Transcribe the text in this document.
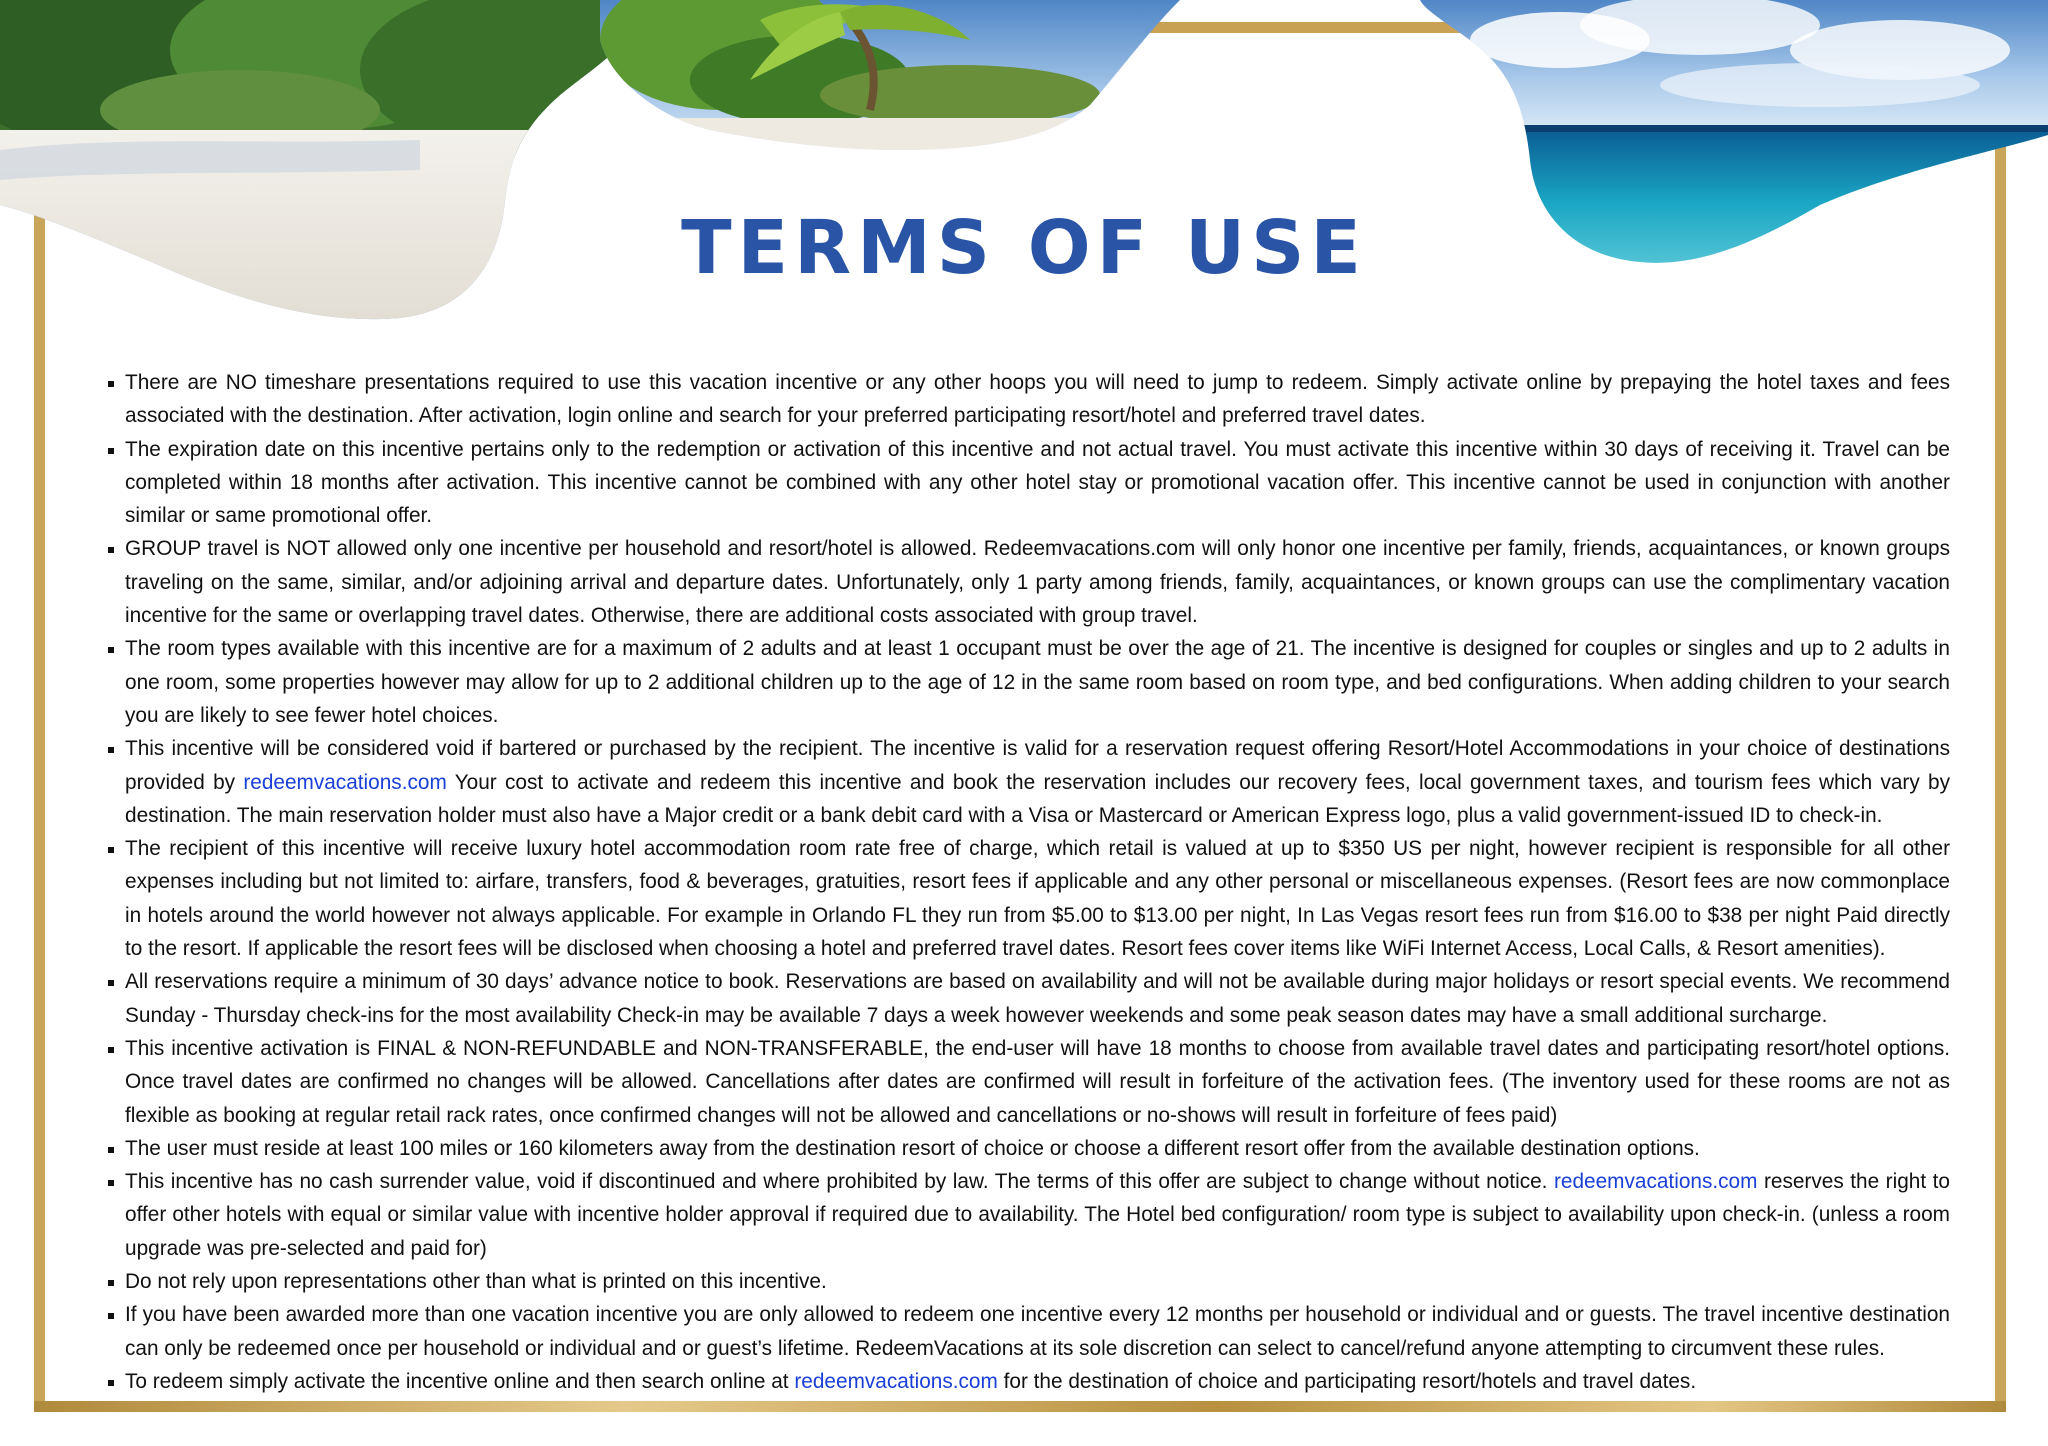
TERMS OF USE
There are NO timeshare presentations required to use this vacation incentive or any other hoops you will need to jump to redeem. Simply activate online by prepaying the hotel taxes and fees associated with the destination. After activation, login online and search for your preferred participating resort/hotel and preferred travel dates.
The expiration date on this incentive pertains only to the redemption or activation of this incentive and not actual travel. You must activate this incentive within 30 days of receiving it. Travel can be completed within 18 months after activation. This incentive cannot be combined with any other hotel stay or promotional vacation offer. This incentive cannot be used in conjunction with another similar or same promotional offer.
GROUP travel is NOT allowed only one incentive per household and resort/hotel is allowed. Redeemvacations.com will only honor one incentive per family, friends, acquaintances, or known groups traveling on the same, similar, and/or adjoining arrival and departure dates. Unfortunately, only 1 party among friends, family, acquaintances, or known groups can use the complimentary vacation incentive for the same or overlapping travel dates. Otherwise, there are additional costs associated with group travel.
The room types available with this incentive are for a maximum of 2 adults and at least 1 occupant must be over the age of 21. The incentive is designed for couples or singles and up to 2 adults in one room, some properties however may allow for up to 2 additional children up to the age of 12 in the same room based on room type, and bed configurations. When adding children to your search you are likely to see fewer hotel choices.
This incentive will be considered void if bartered or purchased by the recipient. The incentive is valid for a reservation request offering Resort/Hotel Accommodations in your choice of destinations provided by redeemvacations.com Your cost to activate and redeem this incentive and book the reservation includes our recovery fees, local government taxes, and tourism fees which vary by destination. The main reservation holder must also have a Major credit or a bank debit card with a Visa or Mastercard or American Express logo, plus a valid government-issued ID to check-in.
The recipient of this incentive will receive luxury hotel accommodation room rate free of charge, which retail is valued at up to $350 US per night, however recipient is responsible for all other expenses including but not limited to: airfare, transfers, food & beverages, gratuities, resort fees if applicable and any other personal or miscellaneous expenses. (Resort fees are now commonplace in hotels around the world however not always applicable. For example in Orlando FL they run from $5.00 to $13.00 per night, In Las Vegas resort fees run from $16.00 to $38 per night Paid directly to the resort. If applicable the resort fees will be disclosed when choosing a hotel and preferred travel dates. Resort fees cover items like WiFi Internet Access, Local Calls, & Resort amenities).
All reservations require a minimum of 30 days’ advance notice to book. Reservations are based on availability and will not be available during major holidays or resort special events. We recommend Sunday - Thursday check-ins for the most availability Check-in may be available 7 days a week however weekends and some peak season dates may have a small additional surcharge.
This incentive activation is FINAL & NON-REFUNDABLE and NON-TRANSFERABLE, the end-user will have 18 months to choose from available travel dates and participating resort/hotel options. Once travel dates are confirmed no changes will be allowed. Cancellations after dates are confirmed will result in forfeiture of the activation fees. (The inventory used for these rooms are not as flexible as booking at regular retail rack rates, once confirmed changes will not be allowed and cancellations or no-shows will result in forfeiture of fees paid)
The user must reside at least 100 miles or 160 kilometers away from the destination resort of choice or choose a different resort offer from the available destination options.
This incentive has no cash surrender value, void if discontinued and where prohibited by law. The terms of this offer are subject to change without notice. redeemvacations.com reserves the right to offer other hotels with equal or similar value with incentive holder approval if required due to availability. The Hotel bed configuration/ room type is subject to availability upon check-in. (unless a room upgrade was pre-selected and paid for)
Do not rely upon representations other than what is printed on this incentive.
If you have been awarded more than one vacation incentive you are only allowed to redeem one incentive every 12 months per household or individual and or guests. The travel incentive destination can only be redeemed once per household or individual and or guest’s lifetime. RedeemVacations at its sole discretion can select to cancel/refund anyone attempting to circumvent these rules.
To redeem simply activate the incentive online and then search online at redeemvacations.com for the destination of choice and participating resort/hotels and travel dates.
